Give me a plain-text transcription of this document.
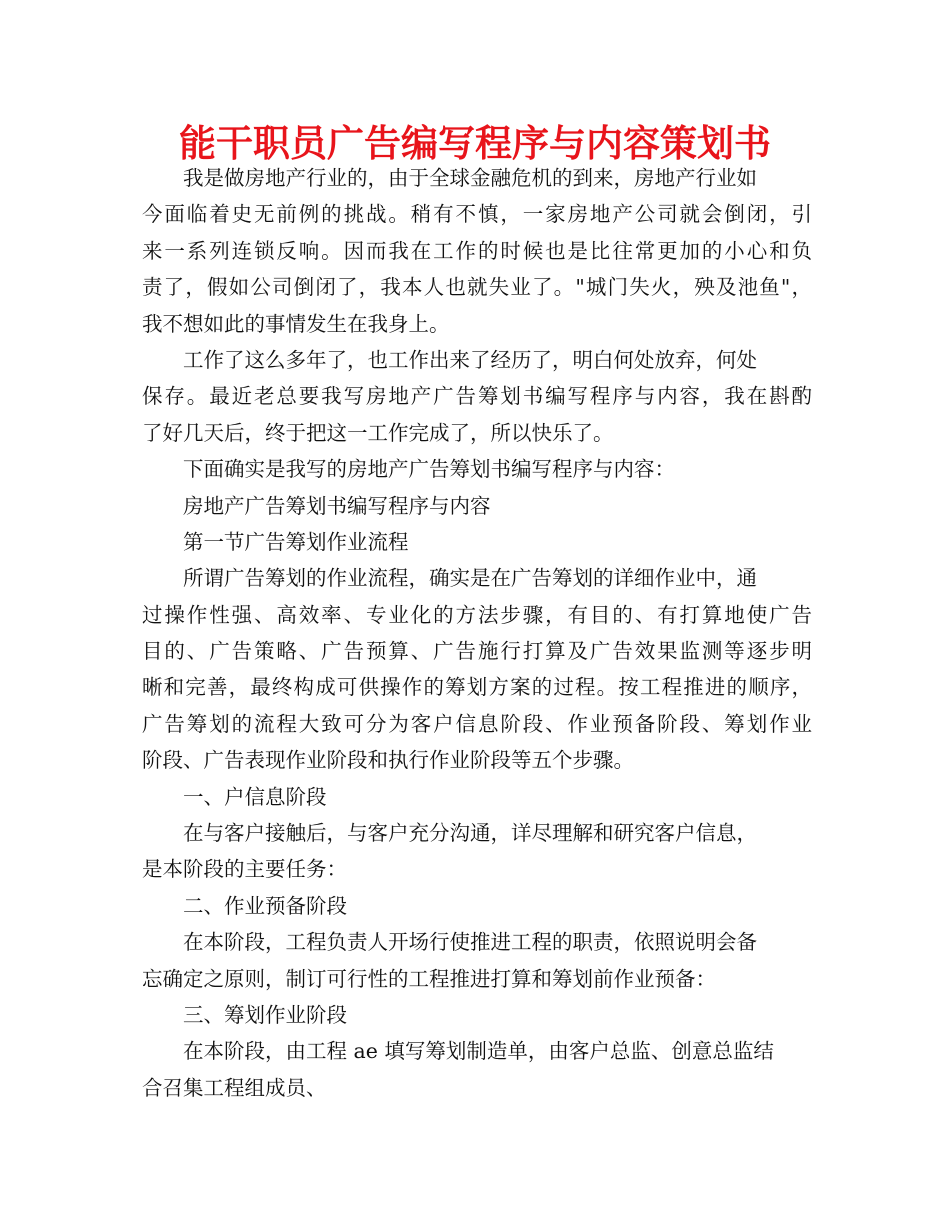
能干职员广告编写程序与内容策划书
我是做房地产行业的，由于全球金融危机的到来，房地产行业如
今面临着史无前例的挑战。稍有不慎，一家房地产公司就会倒闭，引
来一系列连锁反响。因而我在工作的时候也是比往常更加的小心和负
责了，假如公司倒闭了，我本人也就失业了。"城门失火，殃及池鱼"，
我不想如此的事情发生在我身上。
工作了这么多年了，也工作出来了经历了，明白何处放弃，何处
保存。最近老总要我写房地产广告筹划书编写程序与内容，我在斟酌
了好几天后，终于把这一工作完成了，所以快乐了。
下面确实是我写的房地产广告筹划书编写程序与内容：
房地产广告筹划书编写程序与内容
第一节广告筹划作业流程
所谓广告筹划的作业流程，确实是在广告筹划的详细作业中，通
过操作性强、高效率、专业化的方法步骤，有目的、有打算地使广告
目的、广告策略、广告预算、广告施行打算及广告效果监测等逐步明
晰和完善，最终构成可供操作的筹划方案的过程。按工程推进的顺序，
广告筹划的流程大致可分为客户信息阶段、作业预备阶段、筹划作业
阶段、广告表现作业阶段和执行作业阶段等五个步骤。
一、户信息阶段
在与客户接触后，与客户充分沟通，详尽理解和研究客户信息，
是本阶段的主要任务：
二、作业预备阶段
在本阶段，工程负责人开场行使推进工程的职责，依照说明会备
忘确定之原则，制订可行性的工程推进打算和筹划前作业预备：
三、筹划作业阶段
在本阶段，由工程 ae 填写筹划制造单，由客户总监、创意总监结
合召集工程组成员、
